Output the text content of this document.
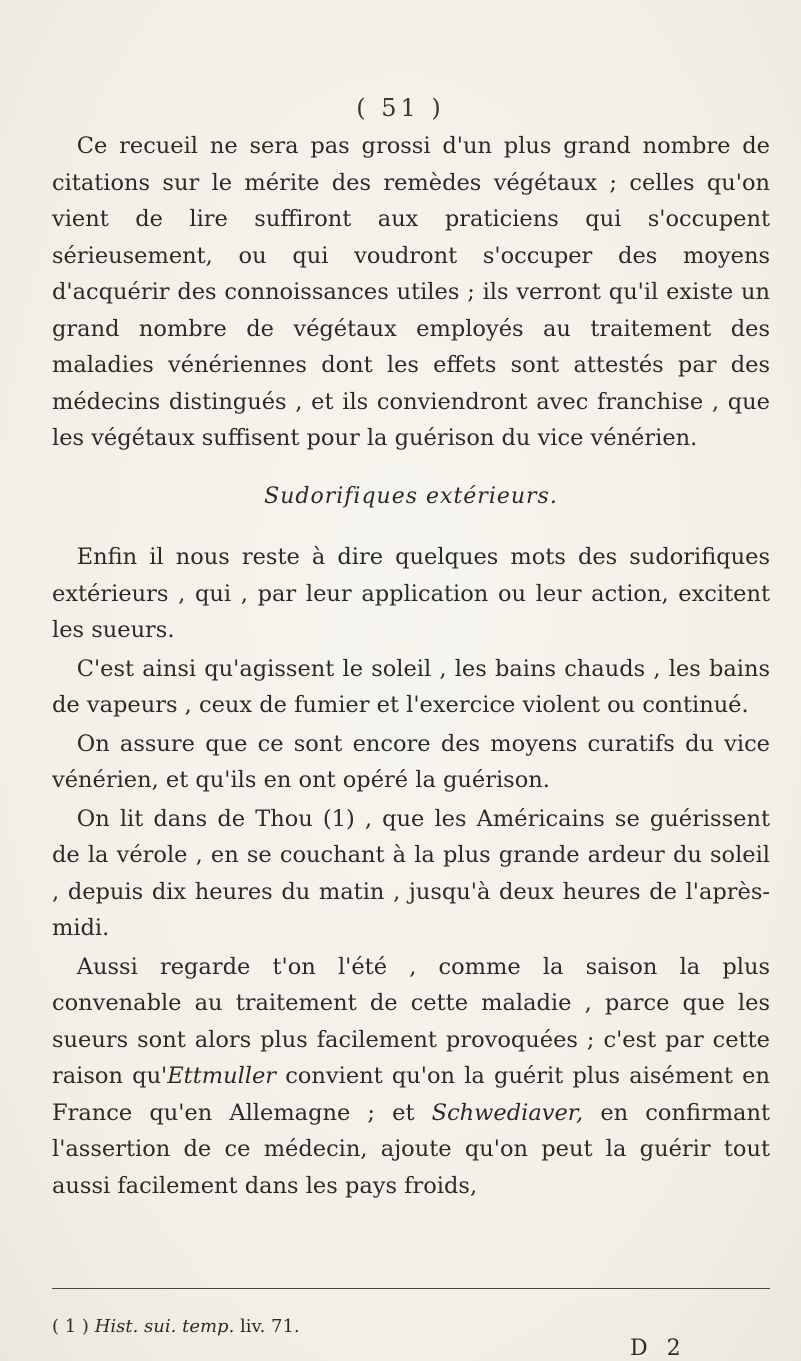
( 51 )

Ce recueil ne sera pas grossi d'un plus grand nombre de citations sur le mérite des remèdes végétaux ; celles qu'on vient de lire suffiront aux praticiens qui s'occupent sérieusement, ou qui voudront s'occuper des moyens d'acquérir des connoissances utiles ; ils verront qu'il existe un grand nombre de végétaux employés au traitement des maladies vénériennes dont les effets sont attestés par des médecins distingués , et ils conviendront avec franchise , que les végétaux suffisent pour la guérison du vice vénérien.

Sudorifiques extérieurs.

Enfin il nous reste à dire quelques mots des sudorifiques extérieurs , qui , par leur application ou leur action, excitent les sueurs.

C'est ainsi qu'agissent le soleil , les bains chauds , les bains de vapeurs , ceux de fumier et l'exercice violent ou continué.

On assure que ce sont encore des moyens curatifs du vice vénérien, et qu'ils en ont opéré la guérison.

On lit dans de Thou (1) , que les Américains se guérissent de la vérole , en se couchant à la plus grande ardeur du soleil , depuis dix heures du matin , jusqu'à deux heures de l'après-midi.

Aussi regarde t'on l'été , comme la saison la plus convenable au traitement de cette maladie , parce que les sueurs sont alors plus facilement provoquées ; c'est par cette raison qu'Ettmuller convient qu'on la guérit plus aisément en France qu'en Allemagne ; et Schwediaver, en confirmant l'assertion de ce médecin, ajoute qu'on peut la guérir tout aussi facilement dans les pays froids,

( 1 ) Hist. sui. temp. liv. 71.
D 2
